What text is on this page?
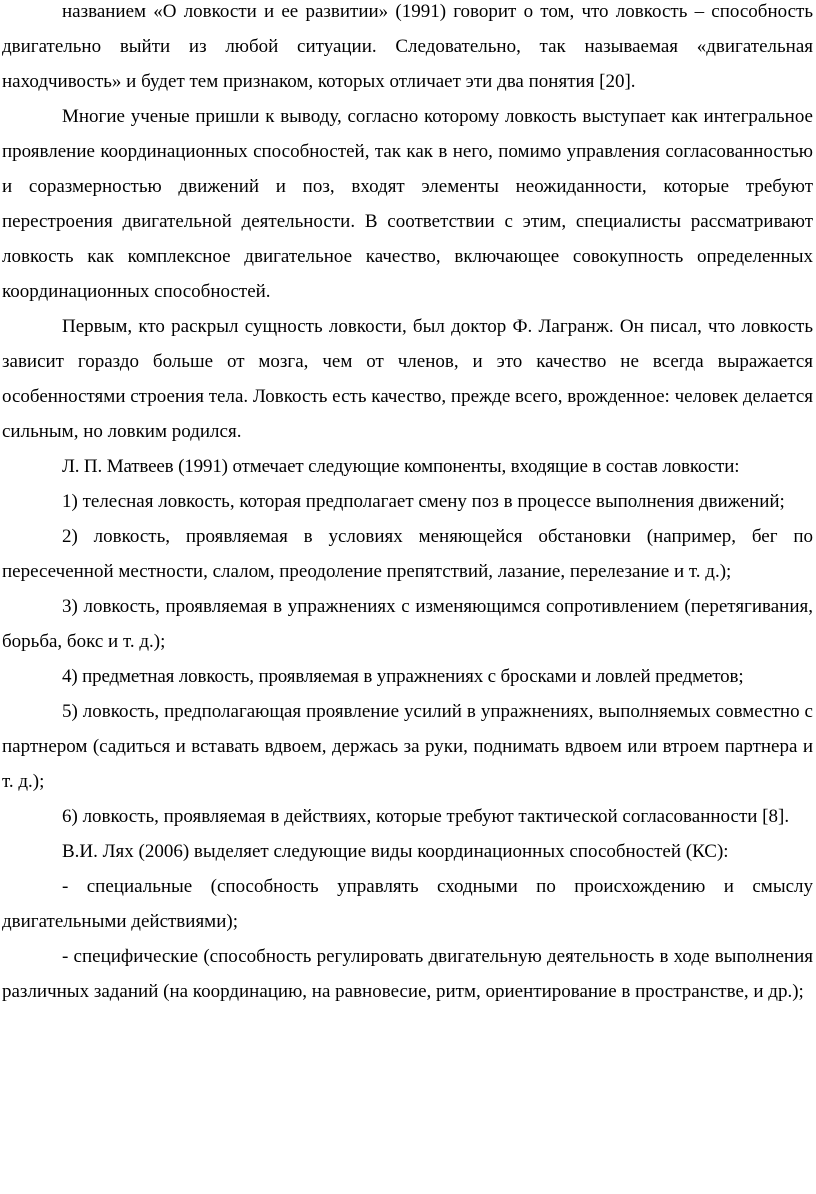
названием «О ловкости и ее развитии» (1991) говорит о том, что ловкость – способность двигательно выйти из любой ситуации. Следовательно, так называемая «двигательная находчивость» и будет тем признаком, которых отличает эти два понятия [20].

Многие ученые пришли к выводу, согласно которому ловкость выступает как интегральное проявление координационных способностей, так как в него, помимо управления согласованностью и соразмерностью движений и поз, входят элементы неожиданности, которые требуют перестроения двигательной деятельности. В соответствии с этим, специалисты рассматривают ловкость как комплексное двигательное качество, включающее совокупность определенных координационных способностей.

Первым, кто раскрыл сущность ловкости, был доктор Ф. Лагранж. Он писал, что ловкость зависит гораздо больше от мозга, чем от членов, и это качество не всегда выражается особенностями строения тела. Ловкость есть качество, прежде всего, врожденное: человек делается сильным, но ловким родился.

Л. П. Матвеев (1991) отмечает следующие компоненты, входящие в состав ловкости:

1) телесная ловкость, которая предполагает смену поз в процессе выполнения движений;

2) ловкость, проявляемая в условиях меняющейся обстановки (например, бег по пересеченной местности, слалом, преодоление препятствий, лазание, перелезание и т. д.);

3) ловкость, проявляемая в упражнениях с изменяющимся сопротивлением (перетягивания, борьба, бокс и т. д.);

4) предметная ловкость, проявляемая в упражнениях с бросками и ловлей предметов;

5) ловкость, предполагающая проявление усилий в упражнениях, выполняемых совместно с партнером (садиться и вставать вдвоем, держась за руки, поднимать вдвоем или втроем партнера и т. д.);

6) ловкость, проявляемая в действиях, которые требуют тактической согласованности [8].

В.И. Лях (2006) выделяет следующие виды координационных способностей (КС):

- специальные (способность управлять сходными по происхождению и смыслу двигательными действиями);

- специфические (способность регулировать двигательную деятельность в ходе выполнения различных заданий (на координацию, на равновесие, ритм, ориентирование в пространстве, и др.);
